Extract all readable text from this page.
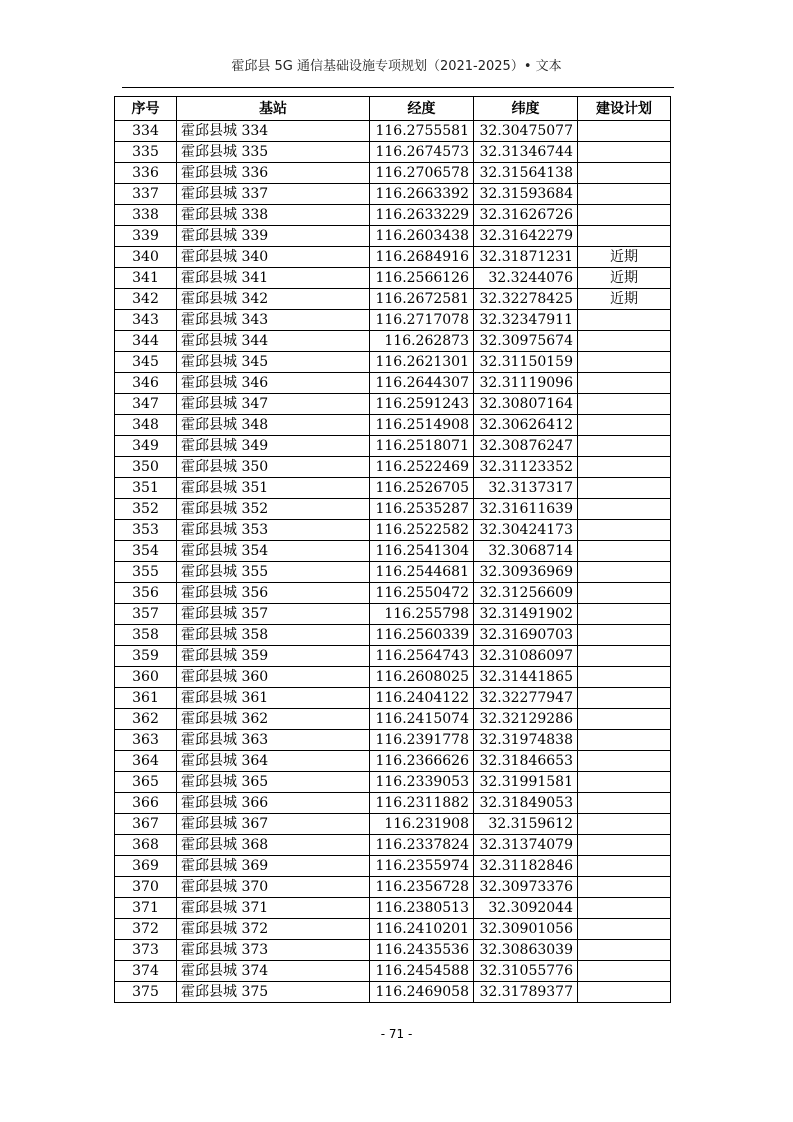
霍邱县 5G 通信基础设施专项规划（2021-2025）• 文本
序号	基站	经度	纬度	建设计划
334	霍邱县城 334	116.2755581	32.30475077	
335	霍邱县城 335	116.2674573	32.31346744	
336	霍邱县城 336	116.2706578	32.31564138	
337	霍邱县城 337	116.2663392	32.31593684	
338	霍邱县城 338	116.2633229	32.31626726	
339	霍邱县城 339	116.2603438	32.31642279	
340	霍邱县城 340	116.2684916	32.31871231	近期
341	霍邱县城 341	116.2566126	32.3244076	近期
342	霍邱县城 342	116.2672581	32.32278425	近期
343	霍邱县城 343	116.2717078	32.32347911	
344	霍邱县城 344	116.262873	32.30975674	
345	霍邱县城 345	116.2621301	32.31150159	
346	霍邱县城 346	116.2644307	32.31119096	
347	霍邱县城 347	116.2591243	32.30807164	
348	霍邱县城 348	116.2514908	32.30626412	
349	霍邱县城 349	116.2518071	32.30876247	
350	霍邱县城 350	116.2522469	32.31123352	
351	霍邱县城 351	116.2526705	32.3137317	
352	霍邱县城 352	116.2535287	32.31611639	
353	霍邱县城 353	116.2522582	32.30424173	
354	霍邱县城 354	116.2541304	32.3068714	
355	霍邱县城 355	116.2544681	32.30936969	
356	霍邱县城 356	116.2550472	32.31256609	
357	霍邱县城 357	116.255798	32.31491902	
358	霍邱县城 358	116.2560339	32.31690703	
359	霍邱县城 359	116.2564743	32.31086097	
360	霍邱县城 360	116.2608025	32.31441865	
361	霍邱县城 361	116.2404122	32.32277947	
362	霍邱县城 362	116.2415074	32.32129286	
363	霍邱县城 363	116.2391778	32.31974838	
364	霍邱县城 364	116.2366626	32.31846653	
365	霍邱县城 365	116.2339053	32.31991581	
366	霍邱县城 366	116.2311882	32.31849053	
367	霍邱县城 367	116.231908	32.3159612	
368	霍邱县城 368	116.2337824	32.31374079	
369	霍邱县城 369	116.2355974	32.31182846	
370	霍邱县城 370	116.2356728	32.30973376	
371	霍邱县城 371	116.2380513	32.3092044	
372	霍邱县城 372	116.2410201	32.30901056	
373	霍邱县城 373	116.2435536	32.30863039	
374	霍邱县城 374	116.2454588	32.31055776	
375	霍邱县城 375	116.2469058	32.31789377	
- 71 -
